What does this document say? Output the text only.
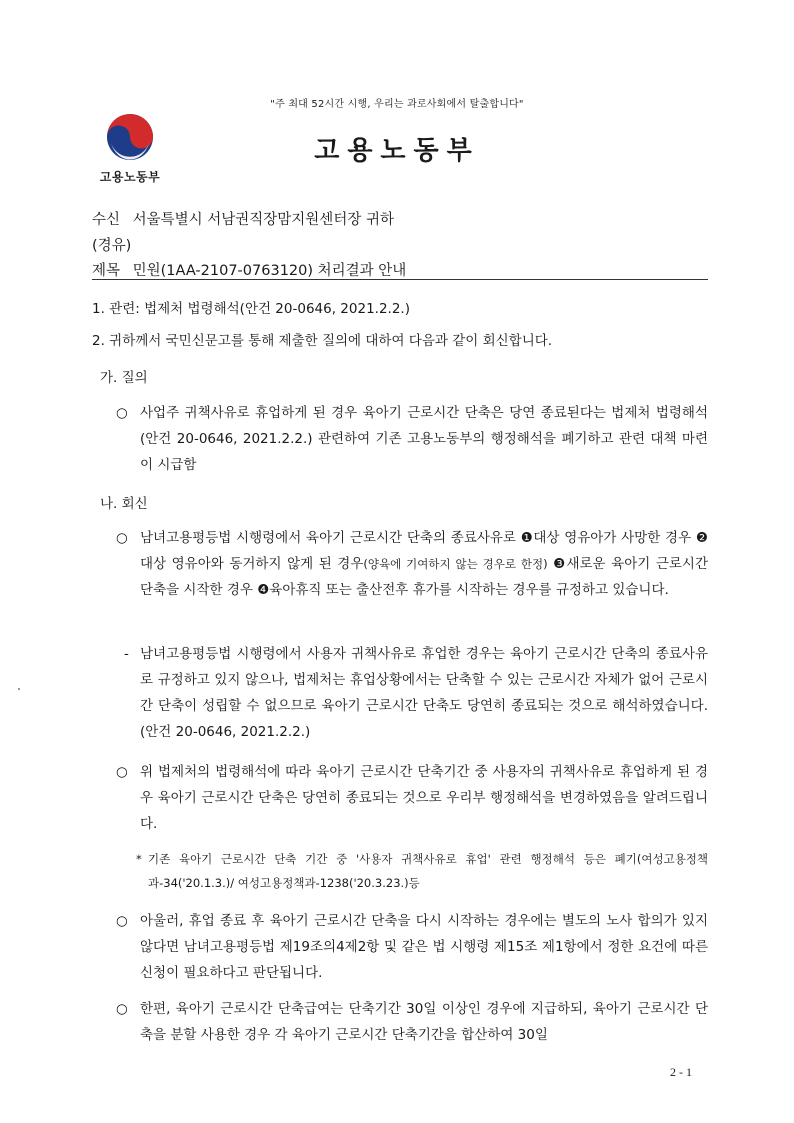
"주 최대 52시간 시행, 우리는 과로사회에서 탈출합니다"
고용노동부
고용노동부
수신 서울특별시 서남권직장맘지원센터장 귀하
(경유)
제목 민원(1AA-2107-0763120) 처리결과 안내
1. 관련: 법제처 법령해석(안건 20-0646, 2021.2.2.)
2. 귀하께서 국민신문고를 통해 제출한 질의에 대하여 다음과 같이 회신합니다.
가. 질의
○ 사업주 귀책사유로 휴업하게 된 경우 육아기 근로시간 단축은 당연 종료된다는 법제처 법령해석(안건 20-0646, 2021.2.2.) 관련하여 기존 고용노동부의 행정해석을 폐기하고 관련 대책 마련이 시급함
나. 회신
○ 남녀고용평등법 시행령에서 육아기 근로시간 단축의 종료사유로 ❶대상 영유아가 사망한 경우 ❷대상 영유아와 동거하지 않게 된 경우(양육에 기여하지 않는 경우로 한정) ❸새로운 육아기 근로시간 단축을 시작한 경우 ❹육아휴직 또는 출산전후 휴가를 시작하는 경우를 규정하고 있습니다.
- 남녀고용평등법 시행령에서 사용자 귀책사유로 휴업한 경우는 육아기 근로시간 단축의 종료사유로 규정하고 있지 않으나, 법제처는 휴업상황에서는 단축할 수 있는 근로시간 자체가 없어 근로시간 단축이 성립할 수 없으므로 육아기 근로시간 단축도 당연히 종료되는 것으로 해석하였습니다.(안건 20-0646, 2021.2.2.)
○ 위 법제처의 법령해석에 따라 육아기 근로시간 단축기간 중 사용자의 귀책사유로 휴업하게 된 경우 육아기 근로시간 단축은 당연히 종료되는 것으로 우리부 행정해석을 변경하였음을 알려드립니다.
* 기존 육아기 근로시간 단축 기간 중 '사용자 귀책사유로 휴업' 관련 행정해석 등은 폐기(여성고용정책과-34('20.1.3.)/ 여성고용정책과-1238('20.3.23.)등
○ 아울러, 휴업 종료 후 육아기 근로시간 단축을 다시 시작하는 경우에는 별도의 노사 합의가 있지 않다면 남녀고용평등법 제19조의4제2항 및 같은 법 시행령 제15조 제1항에서 정한 요건에 따른 신청이 필요하다고 판단됩니다.
○ 한편, 육아기 근로시간 단축급여는 단축기간 30일 이상인 경우에 지급하되, 육아기 근로시간 단축을 분할 사용한 경우 각 육아기 근로시간 단축기간을 합산하여 30일
2 - 1
